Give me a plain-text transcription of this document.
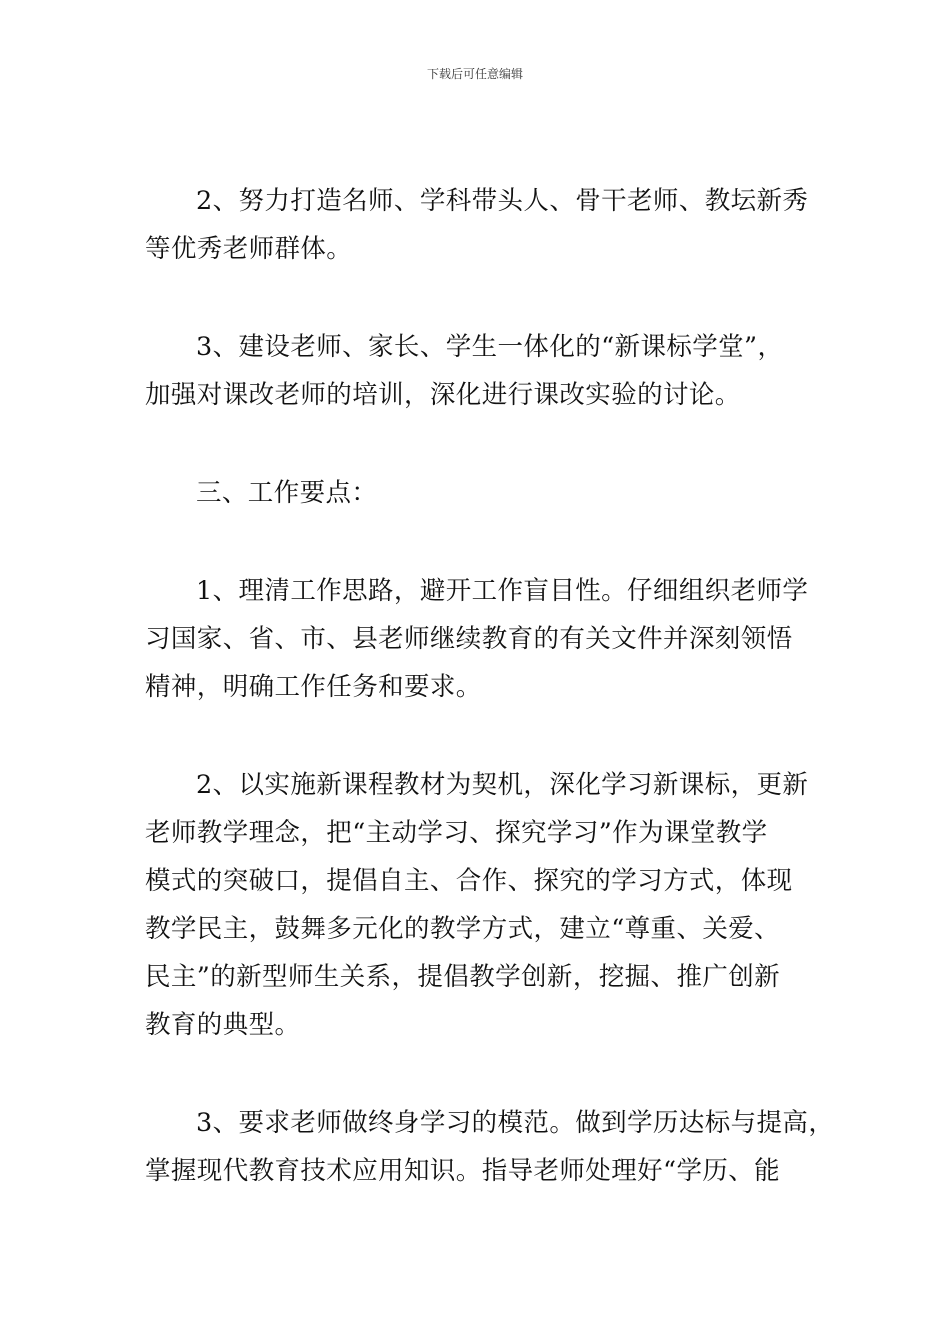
下载后可任意编辑

2、努力打造名师、学科带头人、骨干老师、教坛新秀
等优秀老师群体。

3、建设老师、家长、学生一体化的“新课标学堂”，
加强对课改老师的培训，深化进行课改实验的讨论。

三、工作要点：

1、理清工作思路，避开工作盲目性。仔细组织老师学
习国家、省、市、县老师继续教育的有关文件并深刻领悟
精神，明确工作任务和要求。

2、以实施新课程教材为契机，深化学习新课标，更新
老师教学理念，把“主动学习、探究学习”作为课堂教学
模式的突破口，提倡自主、合作、探究的学习方式，体现
教学民主，鼓舞多元化的教学方式，建立“尊重、关爱、
民主”的新型师生关系，提倡教学创新，挖掘、推广创新
教育的典型。

3、要求老师做终身学习的模范。做到学历达标与提高，
掌握现代教育技术应用知识。指导老师处理好“学历、能
